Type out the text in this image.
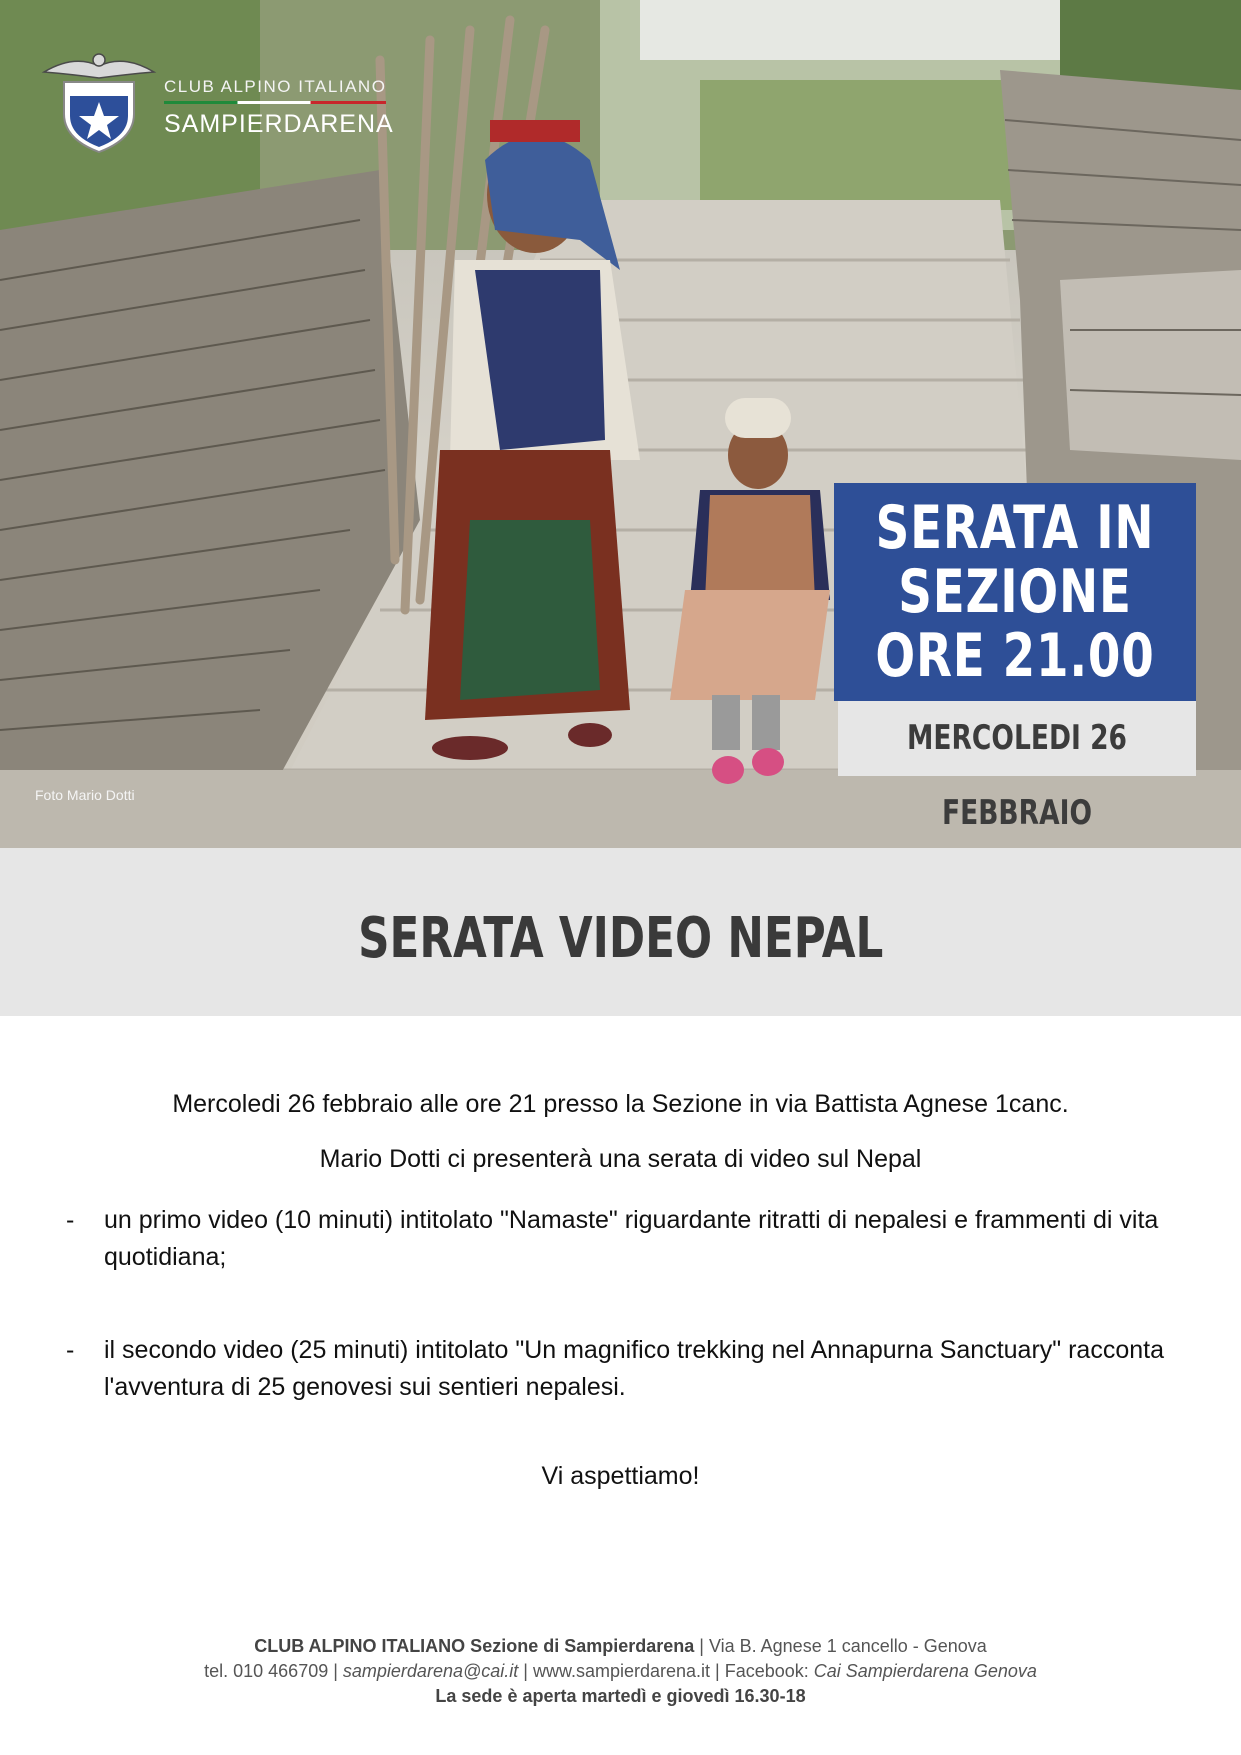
CLUB ALPINO ITALIANO
SAMPIERDARENA
Foto Mario Dotti
SERATA IN
SEZIONE
ORE 21.00
MERCOLEDI 26 FEBBRAIO
SERATA VIDEO NEPAL

Mercoledi 26 febbraio alle ore 21 presso la Sezione in via Battista Agnese 1canc.

Mario Dotti ci presenterà una serata di video sul Nepal

- un primo video (10 minuti) intitolato "Namaste" riguardante ritratti di nepalesi e frammenti di vita quotidiana;
- il secondo video (25 minuti) intitolato "Un magnifico trekking nel Annapurna Sanctuary" racconta l'avventura di 25 genovesi sui sentieri nepalesi.

Vi aspettiamo!

CLUB ALPINO ITALIANO Sezione di Sampierdarena | Via B. Agnese 1 cancello - Genova
tel. 010 466709 | sampierdarena@cai.it | www.sampierdarena.it | Facebook: Cai Sampierdarena Genova
La sede è aperta martedì e giovedì 16.30-18
